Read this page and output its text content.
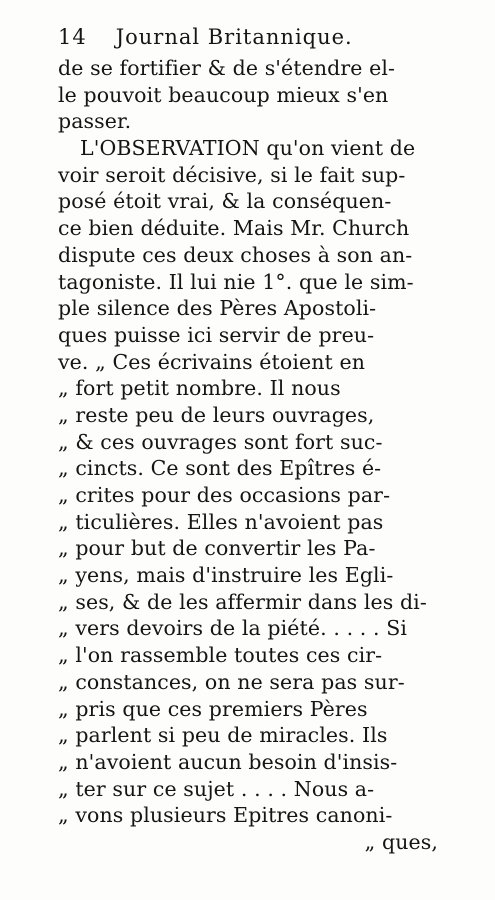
14 Journal Britannique.
de se fortifier & de s'étendre el-
le pouvoit beaucoup mieux s'en
passer.
L'OBSERVATION qu'on vient de
voir seroit décisive, si le fait sup-
posé étoit vrai, & la conséquen-
ce bien déduite. Mais Mr. Church
dispute ces deux choses à son an-
tagoniste. Il lui nie 1°. que le sim-
ple silence des Pères Apostoli-
ques puisse ici servir de preu-
ve. „ Ces écrivains étoient en
„ fort petit nombre. Il nous
„ reste peu de leurs ouvrages,
„ & ces ouvrages sont fort suc-
„ cincts. Ce sont des Epîtres é-
„ crites pour des occasions par-
„ ticulières. Elles n'avoient pas
„ pour but de convertir les Pa-
„ yens, mais d'instruire les Egli-
„ ses, & de les affermir dans les di-
„ vers devoirs de la piété. . . . . Si
„ l'on rassemble toutes ces cir-
„ constances, on ne sera pas sur-
„ pris que ces premiers Pères
„ parlent si peu de miracles. Ils
„ n'avoient aucun besoin d'insis-
„ ter sur ce sujet . . . . Nous a-
„ vons plusieurs Epitres canoni-
„ ques,
